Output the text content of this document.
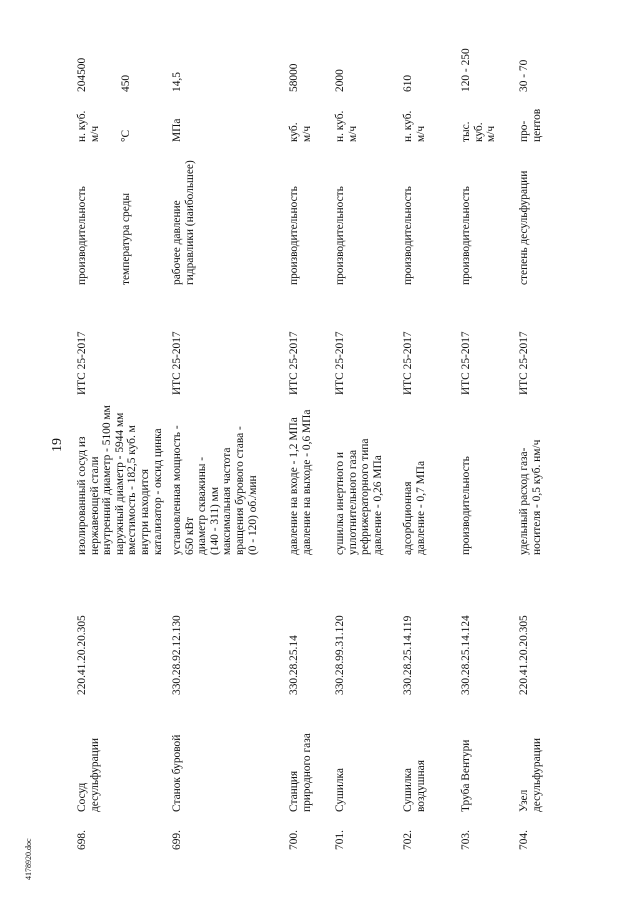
19
698.
Сосуд десульфурации
220.41.20.20.305
изолированный сосуд из нержавеющей стали внутренний диаметр - 5100 мм наружный диаметр - 5944 мм вместимость - 182,5 куб. м внутри находится катализатор - оксид цинка
ИТС 25-2017
производительность
н. куб. м/ч
204500
температура среды
°С
450
699.
Станок буровой
330.28.92.12.130
установленная мощность - 650 кВт диаметр скважины - (140 - 311) мм максимальная частота вращения бурового става - (0 - 120) об./мин
ИТС 25-2017
рабочее давление гидравлики (наибольшее)
МПа
14,5
700.
Станция природного газа
330.28.25.14
давление на входе - 1,2 МПа давление на выходе - 0,6 МПа
ИТС 25-2017
производительность
куб. м/ч
58000
701.
Сушилка
330.28.99.31.120
сушилка инертного и уплотнительного газа рефрижераторного типа давление - 0,26 МПа
ИТС 25-2017
производительность
н. куб. м/ч
2000
702.
Сушилка воздушная
330.28.25.14.119
адсорбционная давление - 0,7 МПа
ИТС 25-2017
производительность
н. куб. м/ч
610
703.
Труба Вентури
330.28.25.14.124
производительность
ИТС 25-2017
производительность
тыс. куб. м/ч
120 - 250
704.
Узел десульфурации
220.41.20.20.305
удельный расход газа- носителя - 0,5 куб. нм/ч
ИТС 25-2017
степень десульфурации
про- центов
30 - 70
4178920.doc
